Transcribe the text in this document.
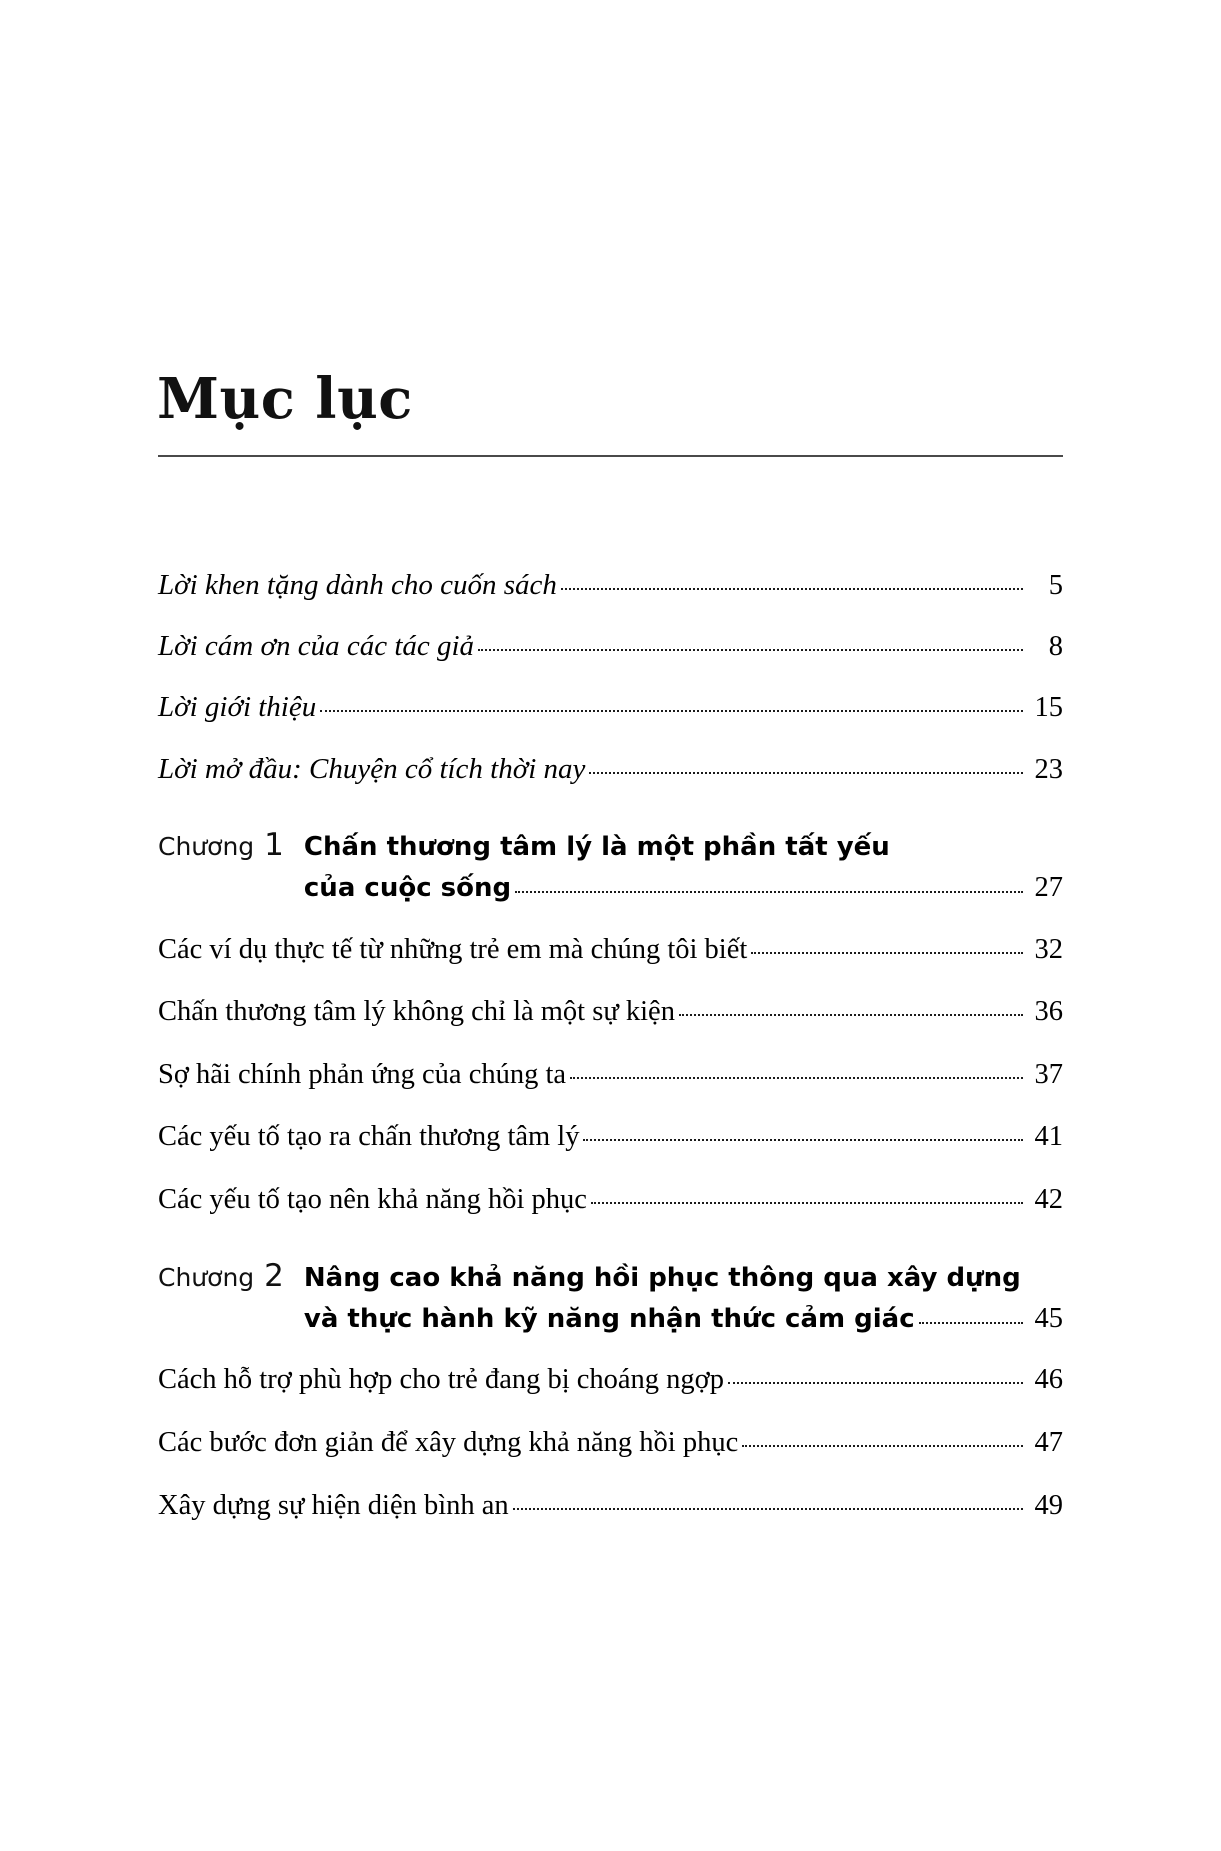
Mục lục
Lời khen tặng dành cho cuốn sách	5
Lời cám ơn của các tác giả	8
Lời giới thiệu	15
Lời mở đầu: Chuyện cổ tích thời nay	23
Chương 1 Chấn thương tâm lý là một phần tất yếu
của cuộc sống	27
Các ví dụ thực tế từ những trẻ em mà chúng tôi biết	32
Chấn thương tâm lý không chỉ là một sự kiện	36
Sợ hãi chính phản ứng của chúng ta	37
Các yếu tố tạo ra chấn thương tâm lý	41
Các yếu tố tạo nên khả năng hồi phục	42
Chương 2 Nâng cao khả năng hồi phục thông qua xây dựng
và thực hành kỹ năng nhận thức cảm giác	45
Cách hỗ trợ phù hợp cho trẻ đang bị choáng ngợp	46
Các bước đơn giản để xây dựng khả năng hồi phục	47
Xây dựng sự hiện diện bình an	49
